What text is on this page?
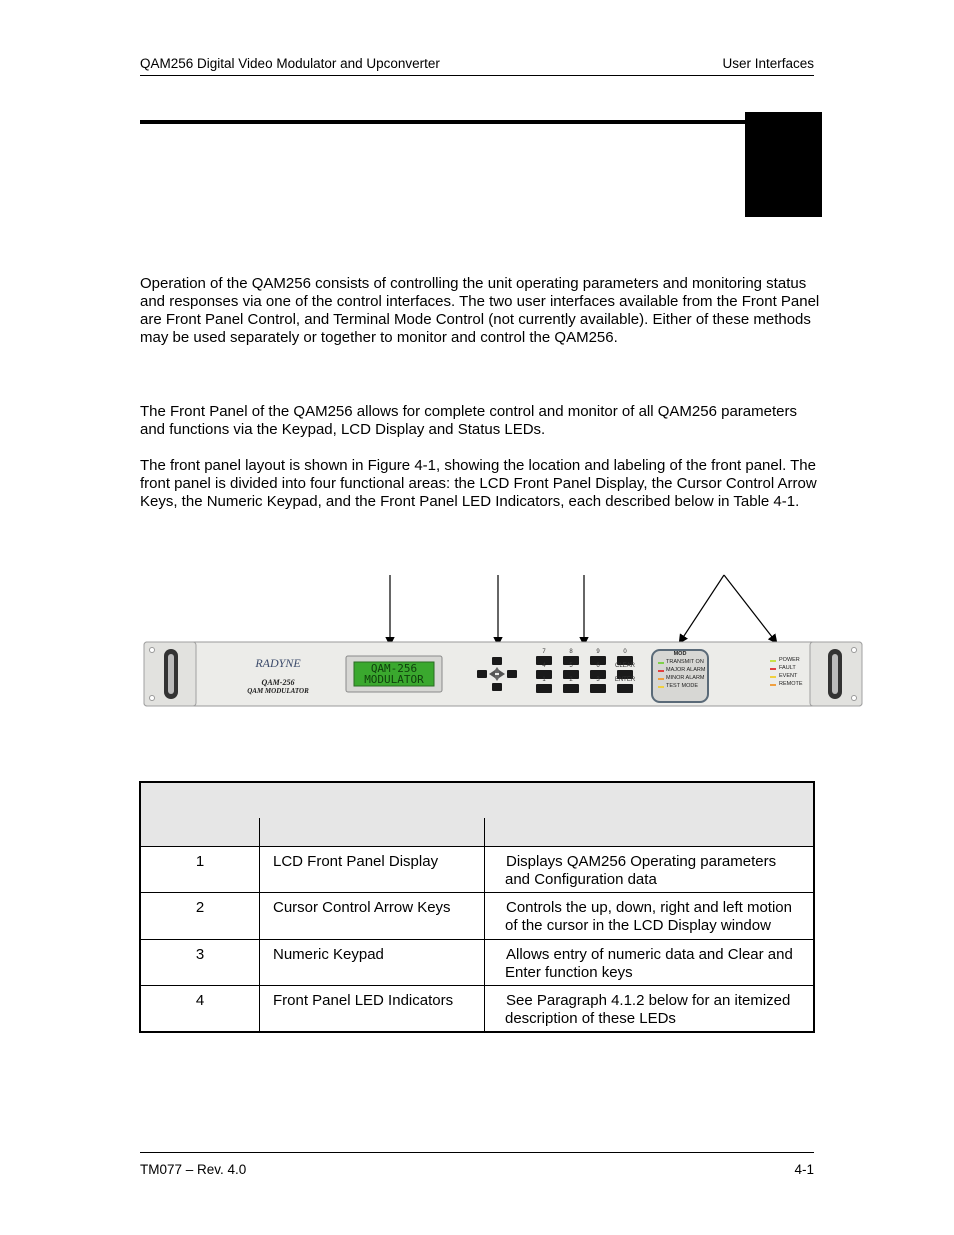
QAM256 Digital Video Modulator and Upconverter	User Interfaces

Operation of the QAM256 consists of controlling the unit operating parameters and monitoring status and responses via one of the control interfaces. The two user interfaces available from the Front Panel are Front Panel Control, and Terminal Mode Control (not currently available). Either of these methods may be used separately or together to monitor and control the QAM256.

The Front Panel of the QAM256 allows for complete control and monitor of all QAM256 parameters and functions via the Keypad, LCD Display and Status LEDs.

The front panel layout is shown in Figure 4-1, showing the location and labeling of the front panel. The front panel is divided into four functional areas: the LCD Front Panel Display, the Cursor Control Arrow Keys, the Numeric Keypad, and the Front Panel LED Indicators, each described below in Table 4-1.

RADYNE
QAM-256
QAM MODULATOR
QAM-256
MODULATOR
7	8	9	0
4	5	6	CLEAR
1	2	3	ENTER
MOD
TRANSMIT ON
MAJOR ALARM
MINOR ALARM
TEST MODE
POWER
FAULT
EVENT
REMOTE
1	LCD Front Panel Display	Displays QAM256 Operating parameters
and Configuration data
2	Cursor Control Arrow Keys	Controls the up, down, right and left motion
of the cursor in the LCD Display window
3	Numeric Keypad	Allows entry of numeric data and Clear and
Enter function keys
4	Front Panel LED Indicators	See Paragraph 4.1.2 below for an itemized
description of these LEDs
TM077 – Rev. 4.0	4-1
